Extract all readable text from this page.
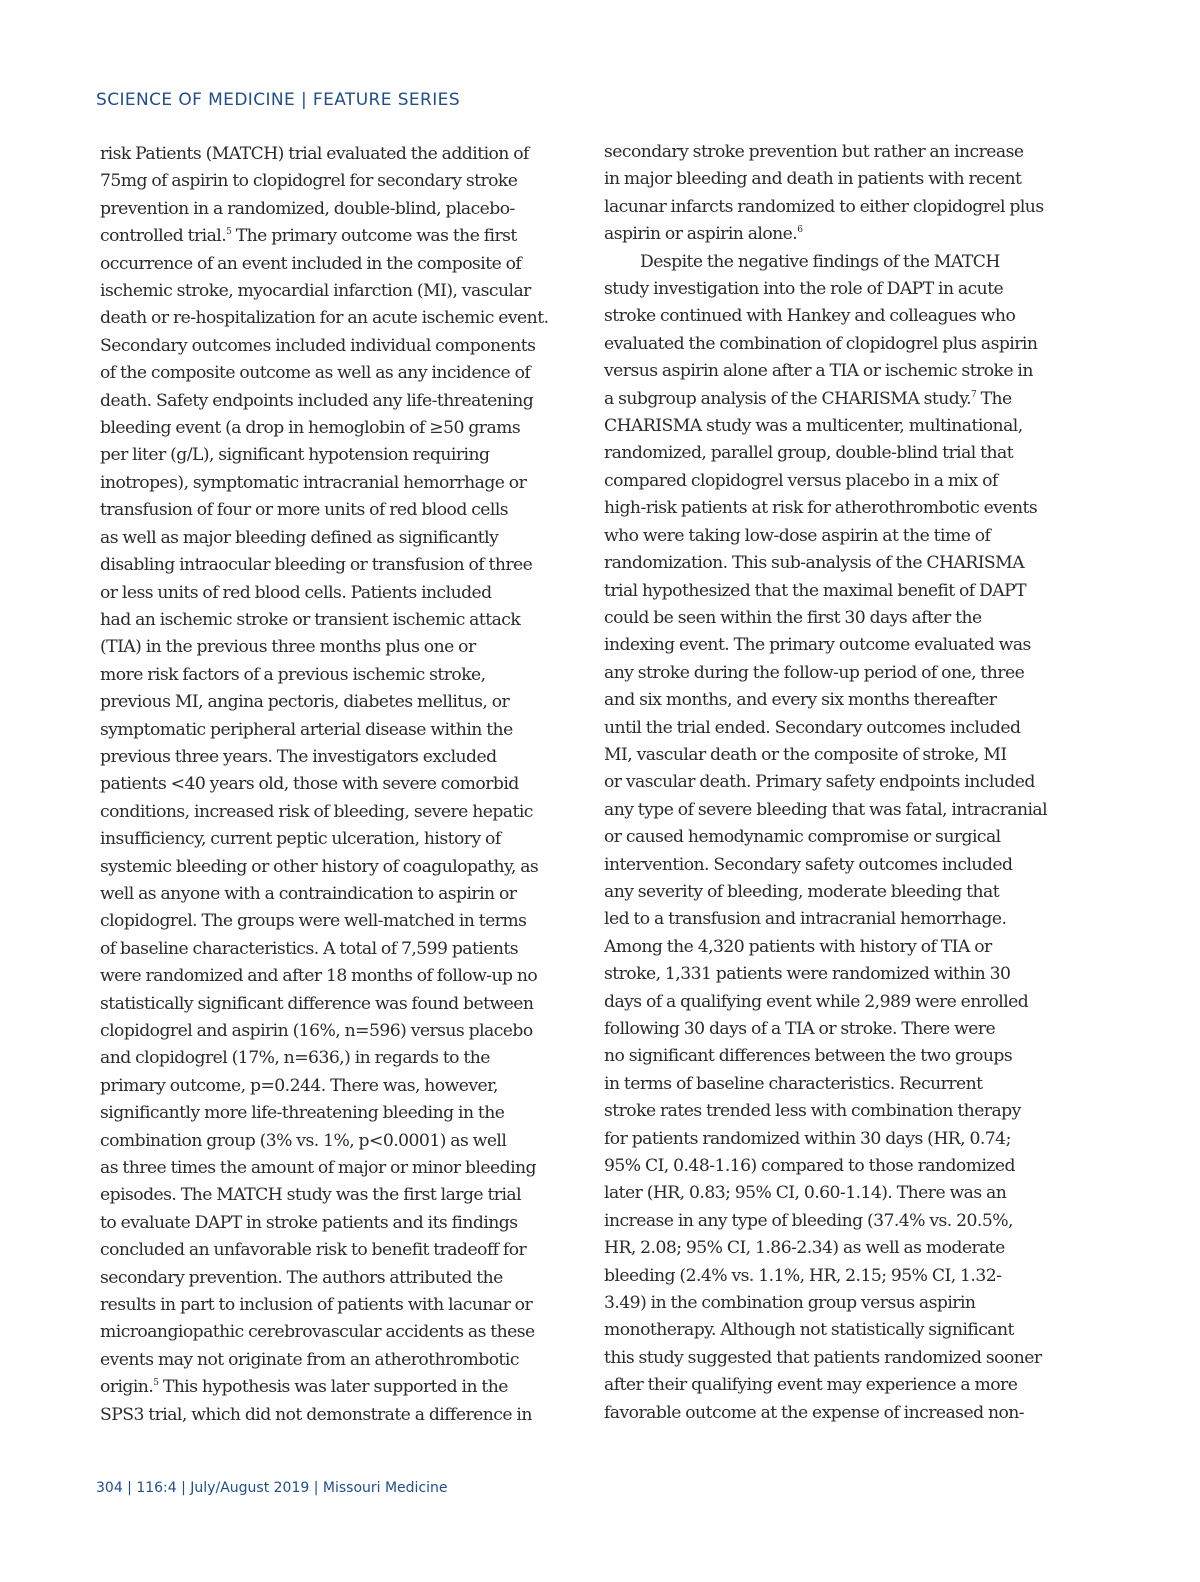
SCIENCE OF MEDICINE | FEATURE SERIES
risk Patients (MATCH) trial evaluated the addition of
75mg of aspirin to clopidogrel for secondary stroke
prevention in a randomized, double-blind, placebo-
controlled trial.$^5$ The primary outcome was the first
occurrence of an event included in the composite of
ischemic stroke, myocardial infarction (MI), vascular
death or re-hospitalization for an acute ischemic event.
Secondary outcomes included individual components
of the composite outcome as well as any incidence of
death. Safety endpoints included any life-threatening
bleeding event (a drop in hemoglobin of ≥50 grams
per liter (g/L), significant hypotension requiring
inotropes), symptomatic intracranial hemorrhage or
transfusion of four or more units of red blood cells
as well as major bleeding defined as significantly
disabling intraocular bleeding or transfusion of three
or less units of red blood cells. Patients included
had an ischemic stroke or transient ischemic attack
(TIA) in the previous three months plus one or
more risk factors of a previous ischemic stroke,
previous MI, angina pectoris, diabetes mellitus, or
symptomatic peripheral arterial disease within the
previous three years. The investigators excluded
patients <40 years old, those with severe comorbid
conditions, increased risk of bleeding, severe hepatic
insufficiency, current peptic ulceration, history of
systemic bleeding or other history of coagulopathy, as
well as anyone with a contraindication to aspirin or
clopidogrel. The groups were well-matched in terms
of baseline characteristics. A total of 7,599 patients
were randomized and after 18 months of follow-up no
statistically significant difference was found between
clopidogrel and aspirin (16%, n=596) versus placebo
and clopidogrel (17%, n=636,) in regards to the
primary outcome, p=0.244. There was, however,
significantly more life-threatening bleeding in the
combination group (3% vs. 1%, p<0.0001) as well
as three times the amount of major or minor bleeding
episodes. The MATCH study was the first large trial
to evaluate DAPT in stroke patients and its findings
concluded an unfavorable risk to benefit tradeoff for
secondary prevention. The authors attributed the
results in part to inclusion of patients with lacunar or
microangiopathic cerebrovascular accidents as these
events may not originate from an atherothrombotic
origin.$^5$ This hypothesis was later supported in the
SPS3 trial, which did not demonstrate a difference in
secondary stroke prevention but rather an increase
in major bleeding and death in patients with recent
lacunar infarcts randomized to either clopidogrel plus
aspirin or aspirin alone.$^6$
Despite the negative findings of the MATCH
study investigation into the role of DAPT in acute
stroke continued with Hankey and colleagues who
evaluated the combination of clopidogrel plus aspirin
versus aspirin alone after a TIA or ischemic stroke in
a subgroup analysis of the CHARISMA study.$^7$ The
CHARISMA study was a multicenter, multinational,
randomized, parallel group, double-blind trial that
compared clopidogrel versus placebo in a mix of
high-risk patients at risk for atherothrombotic events
who were taking low-dose aspirin at the time of
randomization. This sub-analysis of the CHARISMA
trial hypothesized that the maximal benefit of DAPT
could be seen within the first 30 days after the
indexing event. The primary outcome evaluated was
any stroke during the follow-up period of one, three
and six months, and every six months thereafter
until the trial ended. Secondary outcomes included
MI, vascular death or the composite of stroke, MI
or vascular death. Primary safety endpoints included
any type of severe bleeding that was fatal, intracranial
or caused hemodynamic compromise or surgical
intervention. Secondary safety outcomes included
any severity of bleeding, moderate bleeding that
led to a transfusion and intracranial hemorrhage.
Among the 4,320 patients with history of TIA or
stroke, 1,331 patients were randomized within 30
days of a qualifying event while 2,989 were enrolled
following 30 days of a TIA or stroke. There were
no significant differences between the two groups
in terms of baseline characteristics. Recurrent
stroke rates trended less with combination therapy
for patients randomized within 30 days (HR, 0.74;
95% CI, 0.48-1.16) compared to those randomized
later (HR, 0.83; 95% CI, 0.60-1.14). There was an
increase in any type of bleeding (37.4% vs. 20.5%,
HR, 2.08; 95% CI, 1.86-2.34) as well as moderate
bleeding (2.4% vs. 1.1%, HR, 2.15; 95% CI, 1.32-
3.49) in the combination group versus aspirin
monotherapy. Although not statistically significant
this study suggested that patients randomized sooner
after their qualifying event may experience a more
favorable outcome at the expense of increased non-
304 | 116:4 | July/August 2019 | Missouri Medicine
